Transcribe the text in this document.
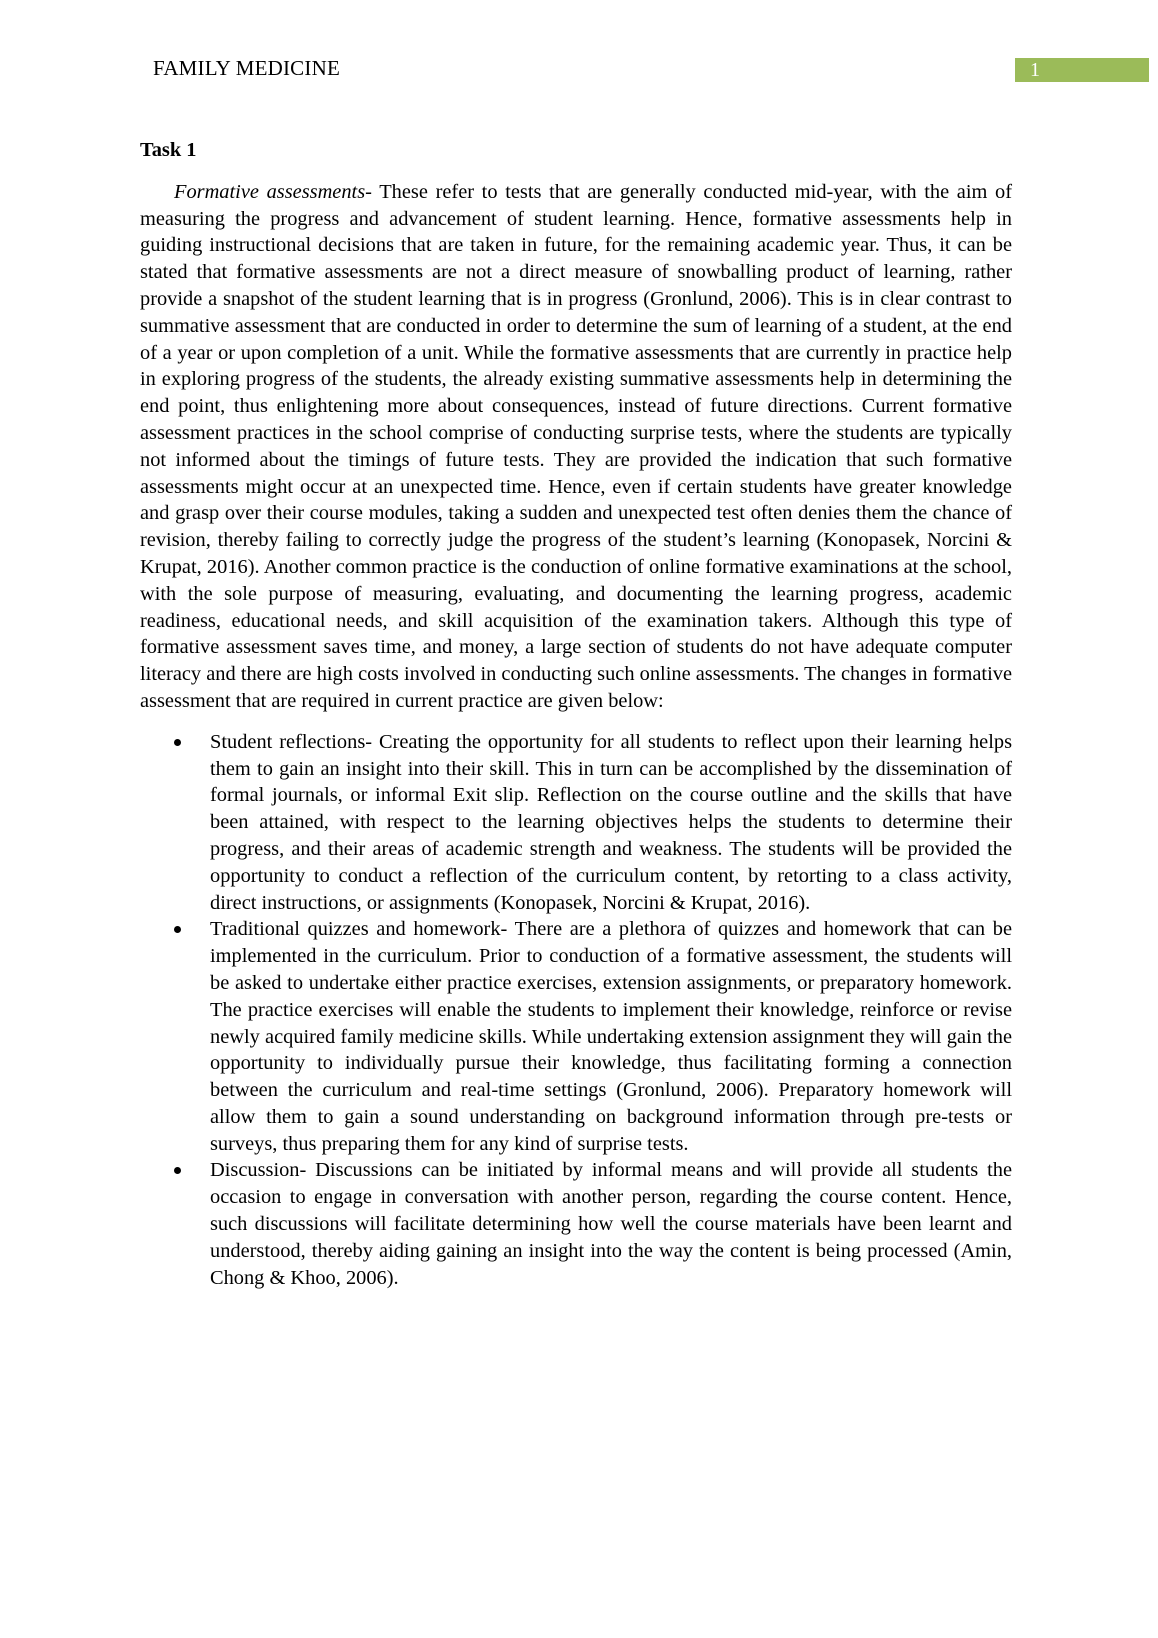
FAMILY MEDICINE	1
Task 1

Formative assessments- These refer to tests that are generally conducted mid-year, with the aim of measuring the progress and advancement of student learning. Hence, formative assessments help in guiding instructional decisions that are taken in future, for the remaining academic year. Thus, it can be stated that formative assessments are not a direct measure of snowballing product of learning, rather provide a snapshot of the student learning that is in progress (Gronlund, 2006). This is in clear contrast to summative assessment that are conducted in order to determine the sum of learning of a student, at the end of a year or upon completion of a unit. While the formative assessments that are currently in practice help in exploring progress of the students, the already existing summative assessments help in determining the end point, thus enlightening more about consequences, instead of future directions. Current formative assessment practices in the school comprise of conducting surprise tests, where the students are typically not informed about the timings of future tests. They are provided the indication that such formative assessments might occur at an unexpected time. Hence, even if certain students have greater knowledge and grasp over their course modules, taking a sudden and unexpected test often denies them the chance of revision, thereby failing to correctly judge the progress of the student’s learning (Konopasek, Norcini & Krupat, 2016). Another common practice is the conduction of online formative examinations at the school, with the sole purpose of measuring, evaluating, and documenting the learning progress, academic readiness, educational needs, and skill acquisition of the examination takers. Although this type of formative assessment saves time, and money, a large section of students do not have adequate computer literacy and there are high costs involved in conducting such online assessments. The changes in formative assessment that are required in current practice are given below:

Student reflections- Creating the opportunity for all students to reflect upon their learning helps them to gain an insight into their skill. This in turn can be accomplished by the dissemination of formal journals, or informal Exit slip. Reflection on the course outline and the skills that have been attained, with respect to the learning objectives helps the students to determine their progress, and their areas of academic strength and weakness. The students will be provided the opportunity to conduct a reflection of the curriculum content, by retorting to a class activity, direct instructions, or assignments (Konopasek, Norcini & Krupat, 2016).
Traditional quizzes and homework- There are a plethora of quizzes and homework that can be implemented in the curriculum. Prior to conduction of a formative assessment, the students will be asked to undertake either practice exercises, extension assignments, or preparatory homework. The practice exercises will enable the students to implement their knowledge, reinforce or revise newly acquired family medicine skills. While undertaking extension assignment they will gain the opportunity to individually pursue their knowledge, thus facilitating forming a connection between the curriculum and real-time settings (Gronlund, 2006). Preparatory homework will allow them to gain a sound understanding on background information through pre-tests or surveys, thus preparing them for any kind of surprise tests.
Discussion- Discussions can be initiated by informal means and will provide all students the occasion to engage in conversation with another person, regarding the course content. Hence, such discussions will facilitate determining how well the course materials have been learnt and understood, thereby aiding gaining an insight into the way the content is being processed (Amin, Chong & Khoo, 2006).
